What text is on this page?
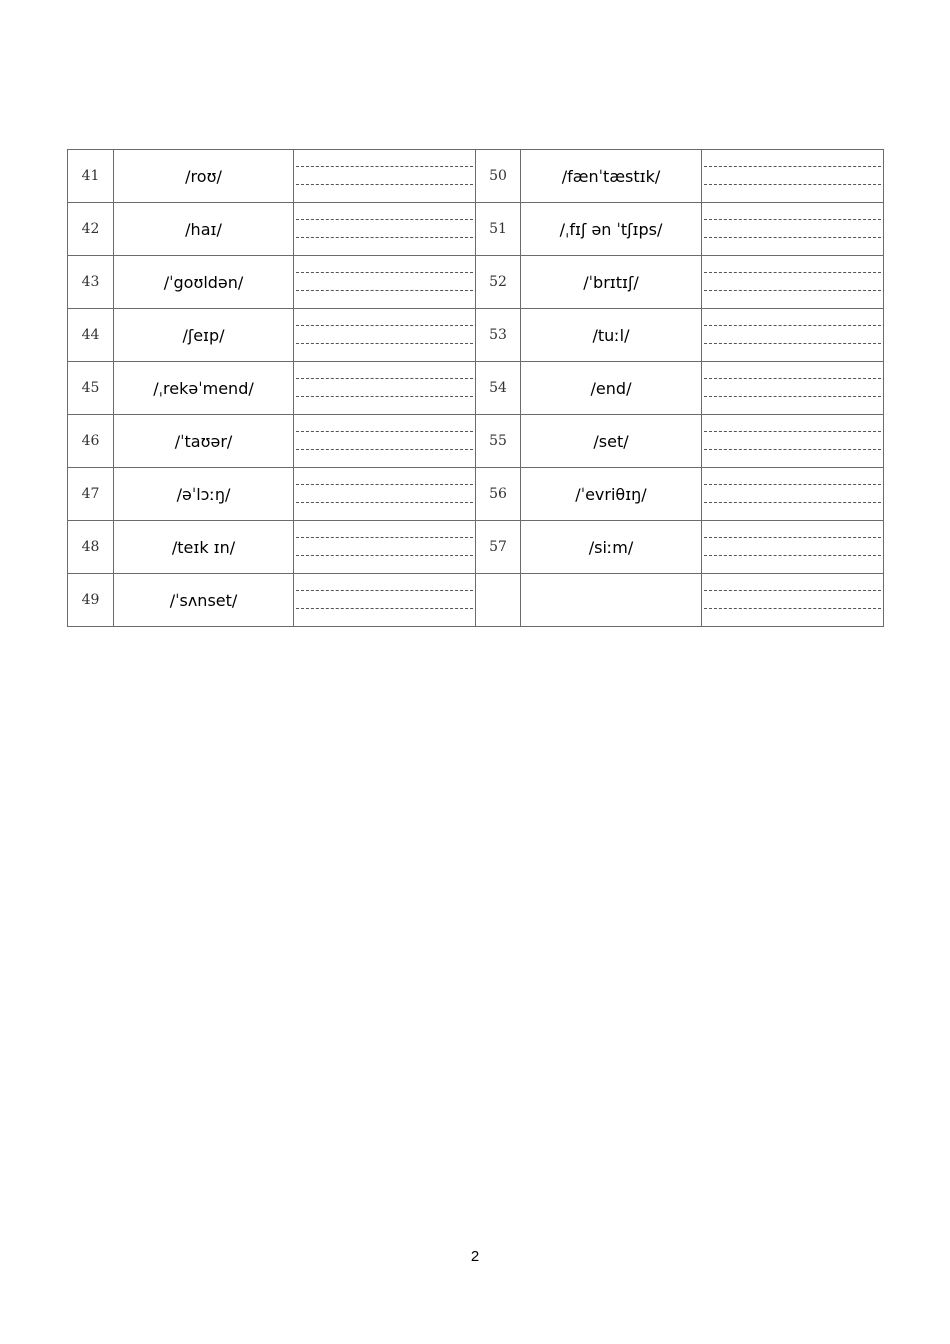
41	/roʊ/		50	/fænˈtæstɪk/	

42	/haɪ/		51	/ˌfɪʃ ən ˈtʃɪps/	

43	/ˈgoʊldən/		52	/ˈbrɪtɪʃ/	

44	/ʃeɪp/		53	/tuːl/	

45	/ˌrekəˈmend/		54	/end/	

46	/ˈtaʊər/		55	/set/	

47	/əˈlɔːŋ/		56	/ˈevriθɪŋ/	

48	/teɪk ɪn/		57	/siːm/	

49	/ˈsʌnset/	

2
